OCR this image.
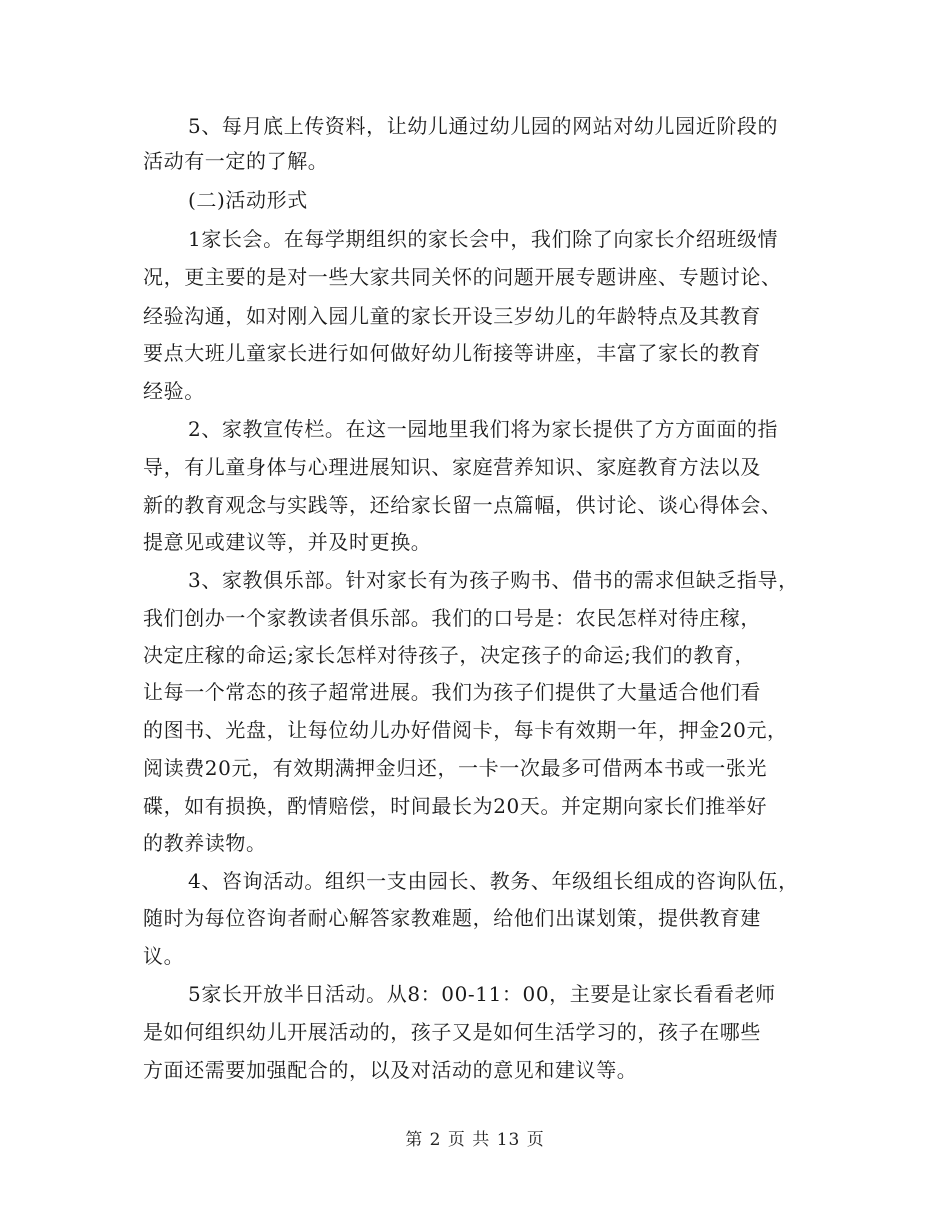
5、每月底上传资料，让幼儿通过幼儿园的网站对幼儿园近阶段的
活动有一定的了解。
(二)活动形式
1家长会。在每学期组织的家长会中，我们除了向家长介绍班级情
况，更主要的是对一些大家共同关怀的问题开展专题讲座、专题讨论、
经验沟通，如对刚入园儿童的家长开设三岁幼儿的年龄特点及其教育
要点大班儿童家长进行如何做好幼儿衔接等讲座，丰富了家长的教育
经验。
2、家教宣传栏。在这一园地里我们将为家长提供了方方面面的指
导，有儿童身体与心理进展知识、家庭营养知识、家庭教育方法以及
新的教育观念与实践等，还给家长留一点篇幅，供讨论、谈心得体会、
提意见或建议等，并及时更换。
3、家教俱乐部。针对家长有为孩子购书、借书的需求但缺乏指导，
我们创办一个家教读者俱乐部。我们的口号是：农民怎样对待庄稼，
决定庄稼的命运;家长怎样对待孩子，决定孩子的命运;我们的教育，
让每一个常态的孩子超常进展。我们为孩子们提供了大量适合他们看
的图书、光盘，让每位幼儿办好借阅卡，每卡有效期一年，押金20元，
阅读费20元，有效期满押金归还，一卡一次最多可借两本书或一张光
碟，如有损换，酌情赔偿，时间最长为20天。并定期向家长们推举好
的教养读物。
4、咨询活动。组织一支由园长、教务、年级组长组成的咨询队伍，
随时为每位咨询者耐心解答家教难题，给他们出谋划策，提供教育建
议。
5家长开放半日活动。从8：00-11：00，主要是让家长看看老师
是如何组织幼儿开展活动的，孩子又是如何生活学习的，孩子在哪些
方面还需要加强配合的，以及对活动的意见和建议等。
第 2 页 共 13 页
